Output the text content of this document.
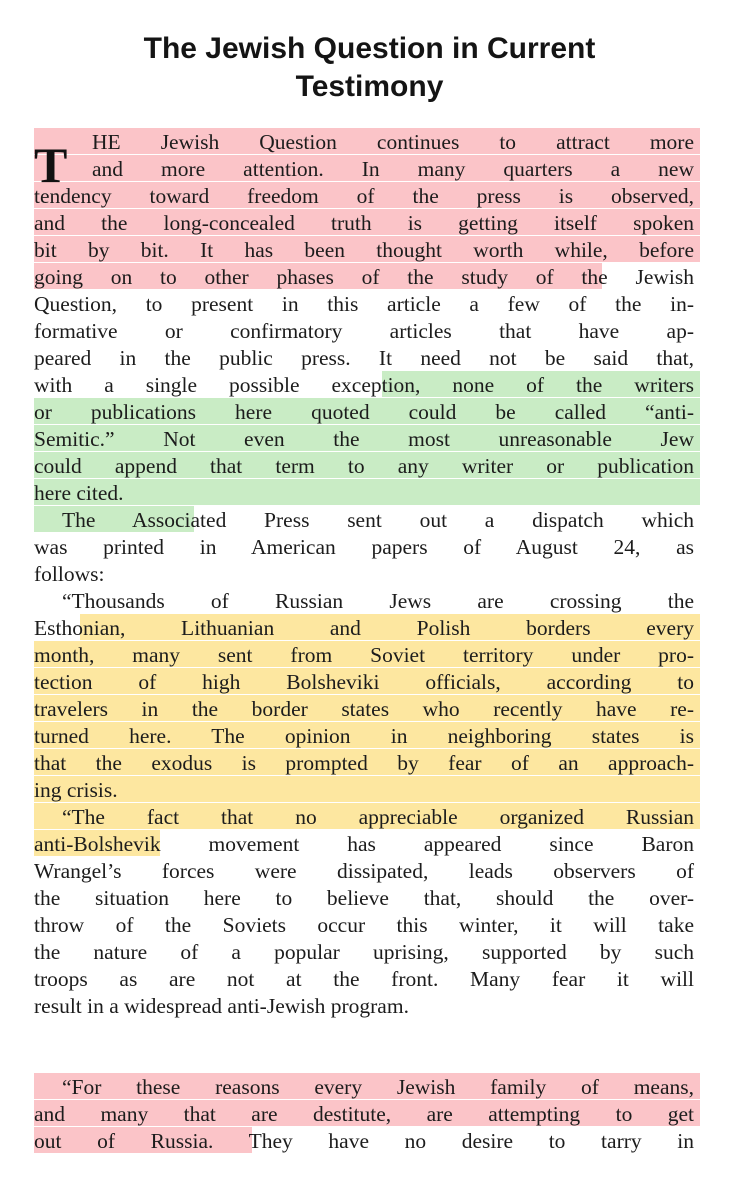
The Jewish Question in Current
Testimony
T HE Jewish Question continues to attract more
and more attention. In many quarters a new
tendency toward freedom of the press is observed,
and the long-concealed truth is getting itself spoken
bit by bit. It has been thought worth while, before
going on to other phases of the study of the Jewish
Question, to present in this article a few of the in-
formative or confirmatory articles that have ap-
peared in the public press. It need not be said that,
with a single possible exception, none of the writers
or publications here quoted could be called “anti-
Semitic.” Not even the most unreasonable Jew
could append that term to any writer or publication
here cited.
The Associated Press sent out a dispatch which
was printed in American papers of August 24, as
follows:
“Thousands of Russian Jews are crossing the
Esthonian, Lithuanian and Polish borders every
month, many sent from Soviet territory under pro-
tection of high Bolsheviki officials, according to
travelers in the border states who recently have re-
turned here. The opinion in neighboring states is
that the exodus is prompted by fear of an approach-
ing crisis.
“The fact that no appreciable organized Russian
anti-Bolshevik movement has appeared since Baron
Wrangel’s forces were dissipated, leads observers of
the situation here to believe that, should the over-
throw of the Soviets occur this winter, it will take
the nature of a popular uprising, supported by such
troops as are not at the front. Many fear it will
result in a widespread anti-Jewish program.
“For these reasons every Jewish family of means,
and many that are destitute, are attempting to get
out of Russia. They have no desire to tarry in
